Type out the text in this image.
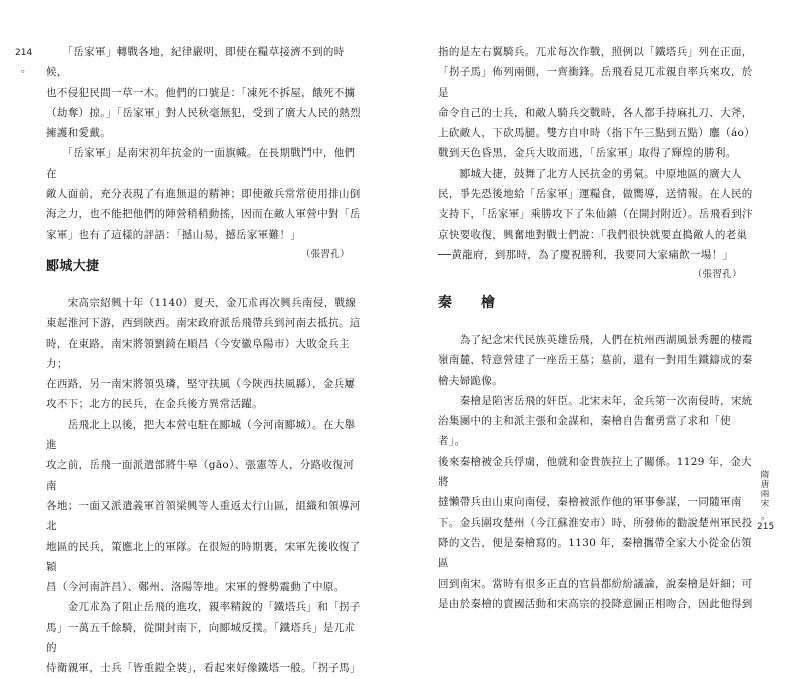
214
。

　　「岳家軍」轉戰各地，紀律嚴明，即使在糧草接濟不到的時候，

也不侵犯民間一草一木。他們的口號是：「凍死不拆屋，餓死不擄

（劫奪）掠。」「岳家軍」對人民秋毫無犯，受到了廣大人民的熱烈

擁護和愛戴。

　　「岳家軍」是南宋初年抗金的一面旗幟。在長期戰鬥中，他們在

敵人面前，充分表現了有進無退的精神；即使敵兵常常使用排山倒

海之力，也不能把他們的陣營稍稍動搖，因而在敵人軍營中對「岳

家軍」也有了這樣的評語：「撼山易，撼岳家軍難！」

（張習孔）

郾城大捷

　　宋高宗紹興十年（1140）夏天，金兀朮再次興兵南侵，戰線

東起淮河下游，西到陝西。南宋政府派岳飛帶兵到河南去抵抗。這

時，在東路，南宋將領劉錡在順昌（今安徽阜陽市）大敗金兵主力；

在西路，另一南宋將領吳璘，堅守扶風（今陝西扶風縣），金兵屢

攻不下；北方的民兵，在金兵後方異常活躍。

　　岳飛北上以後，把大本營屯駐在郾城（今河南郾城）。在大舉進

攻之前，岳飛一面派遣部將牛皋（gāo）、張憲等人，分路收復河南

各地；一面又派遣義軍首領梁興等人重返太行山區，組織和領導河北

地區的民兵，策應北上的軍隊。在很短的時期裏，宋軍先後收復了穎

昌（今河南許昌）、鄭州、洛陽等地。宋軍的聲勢震動了中原。

　　金兀朮為了阻止岳飛的進攻，親率精銳的「鐵塔兵」和「拐子

馬」一萬五千餘騎，從開封南下，向郾城反撲。「鐵塔兵」是兀朮的

侍衛親軍，士兵「皆重鎧全裝」，看起來好像鐵塔一般。「拐子馬」

指的是左右翼騎兵。兀朮每次作戰，照例以「鐵塔兵」列在正面，

「拐子馬」佈列兩側，一齊衝鋒。岳飛看見兀朮親自率兵來攻，於是

命令自己的士兵，和敵人騎兵交戰時，各人都手持麻扎刀、大斧，

上砍敵人，下砍馬腿。雙方自申時（指下午三點到五點）鏖（áo）

戰到天色昏黑，金兵大敗而逃，「岳家軍」取得了輝煌的勝利。

　　郾城大捷，鼓舞了北方人民抗金的勇氣。中原地區的廣大人

民，爭先恐後地給「岳家軍」運糧食，做嚮導，送情報。在人民的

支持下，「岳家軍」乘勝攻下了朱仙鎮（在開封附近）。岳飛看到汴

京快要收復，興奮地對戰士們說：「我們很快就要直搗敵人的老巢

──黃龍府，到那時，為了慶祝勝利，我要同大家痛飲一場！」

（張習孔）

秦　　檜

　　為了紀念宋代民族英雄岳飛，人們在杭州西湖風景秀麗的棲霞

嶺南麓，特意營建了一座岳王墓；墓前，還有一對用生鐵鑄成的秦

檜夫婦跪像。

　　秦檜是陷害岳飛的奸臣。北宋末年，金兵第一次南侵時，宋統

治集團中的主和派主張和金謀和，秦檜自告奮勇當了求和「使者」。

後來秦檜被金兵俘虜，他就和金貴族拉上了關係。1129 年，金大將

撻懶帶兵由山東向南侵，秦檜被派作他的軍事參謀，一同隨軍南

下。金兵圍攻楚州（今江蘇淮安市）時，所發佈的勸說楚州軍民投

降的文告，便是秦檜寫的。1130 年，秦檜攜帶全家大小從金佔領區

回到南宋。當時有很多正直的官員都紛紛議論，說秦檜是奸細；可

是由於秦檜的賣國活動和宋高宗的投降意圖正相吻合，因此他得到

隋唐兩宋
。
215
